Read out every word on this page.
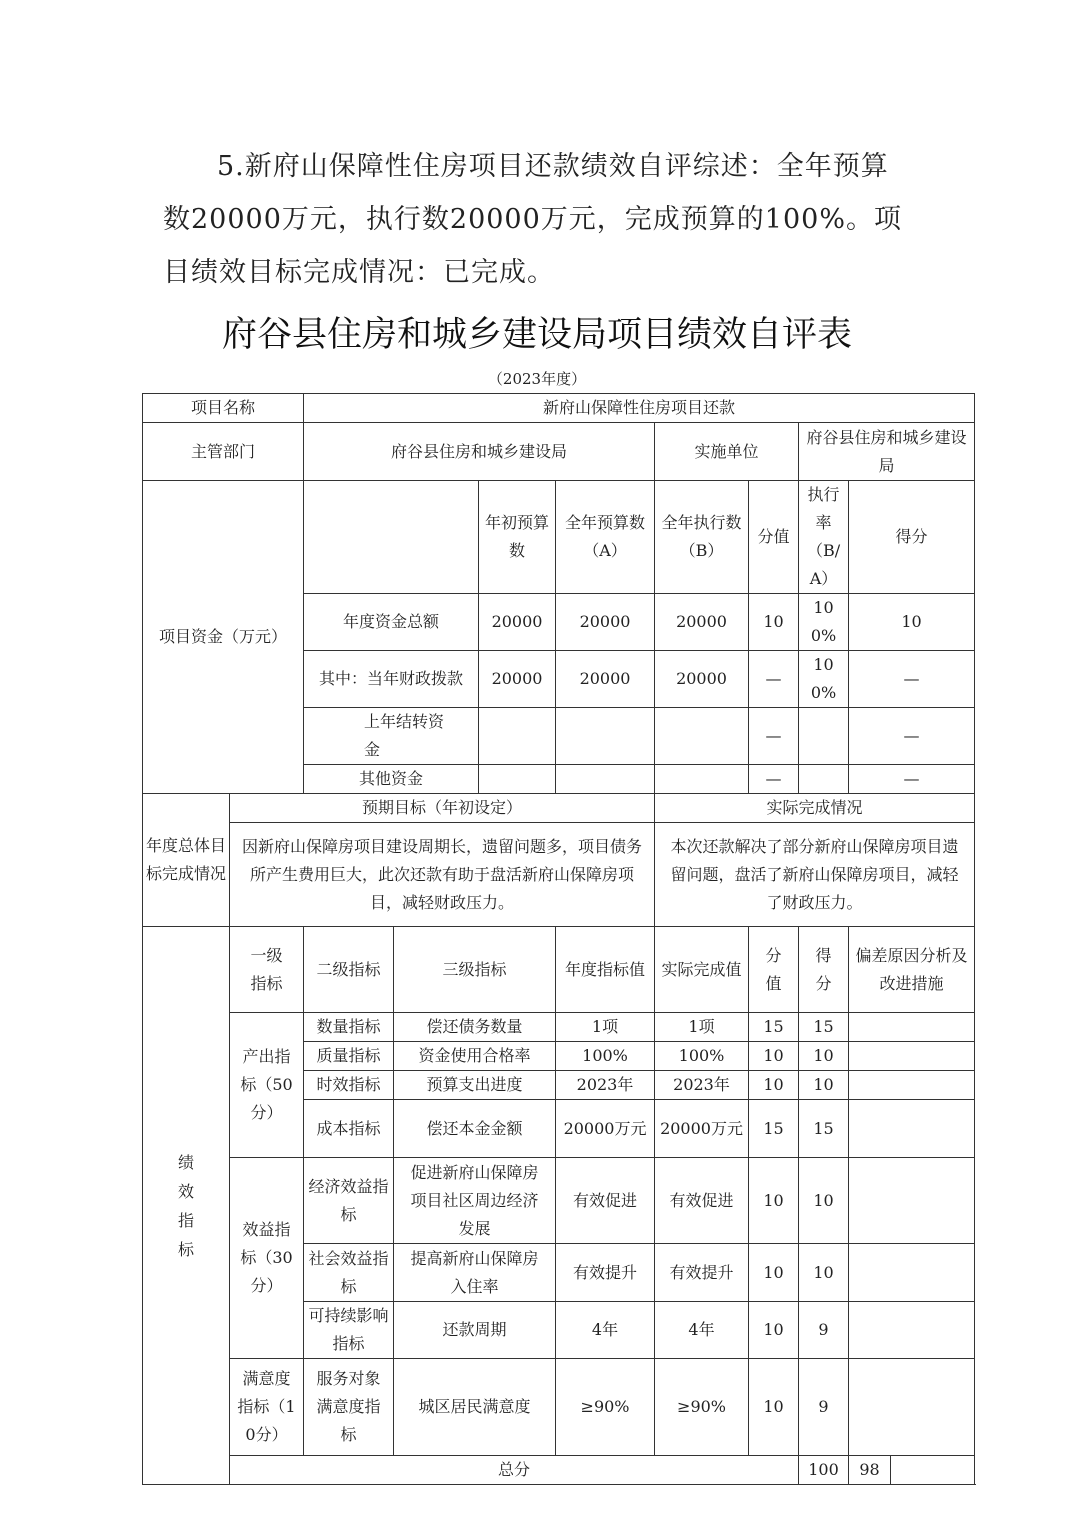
5.新府山保障性住房项目还款绩效自评综述：全年预算数20000万元，执行数20000万元，完成预算的100%。项目绩效目标完成情况：已完成。

府谷县住房和城乡建设局项目绩效自评表
（2023年度）
项目名称		新府山保障性住房项目还款								
主管部门		府谷县住房和城乡建设局				实施单位		府谷县住房和城乡建设局		
项目资金（万元）				年初预算数	全年预算数（A）	全年执行数（B）	分值	执行率（B/A）	得分	
		年度资金总额		20000	20000	20000	10	100%	10	
		其中：当年财政拨款		20000	20000	20000	—	100%	—	
		上年结转资金					—		—	
		其他资金					—		—	
年度总体目标完成情况	预期目标（年初设定）					实际完成情况				
	因新府山保障房项目建设周期长，遗留问题多，项目债务所产生费用巨大，此次还款有助于盘活新府山保障房项目，减轻财政压力。					本次还款解决了部分新府山保障房项目遗留问题，盘活了新府山保障房项目，减轻了财政压力。				
绩效指标	一级指标	二级指标	三级指标		年度指标值	实际完成值	分值	得分	偏差原因分析及改进措施	
	产出指标（50分）	数量指标	偿还债务数量		1项	1项	15	15		
		质量指标	资金使用合格率		100%	100%	10	10		
		时效指标	预算支出进度		2023年	2023年	10	10		
		成本指标	偿还本金金额		20000万元	20000万元	15	15		
	效益指标（30分）	经济效益指标	促进新府山保障房项目社区周边经济发展		有效促进	有效促进	10	10		
		社会效益指标	提高新府山保障房入住率		有效提升	有效提升	10	10		
		可持续影响指标	还款周期		4年	4年	10	9		
	满意度指标（10分）	服务对象满意度指标	城区居民满意度		≥90%	≥90%	10	9		
	总分							100	98	
